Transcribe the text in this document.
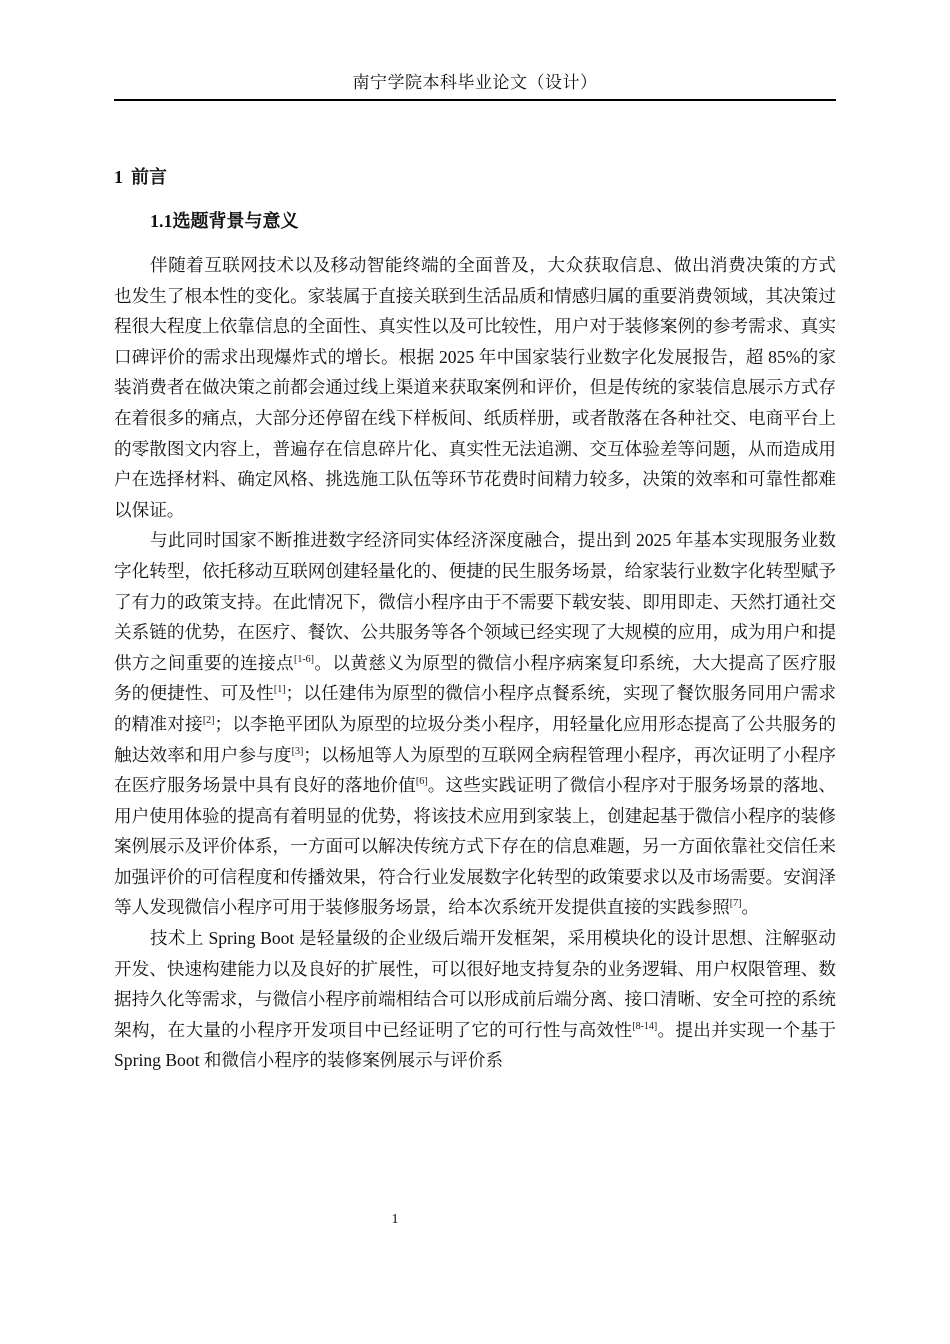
南宁学院本科毕业论文（设计）
1 前言
1.1选题背景与意义

伴随着互联网技术以及移动智能终端的全面普及，大众获取信息、做出消费决策的方式也发生了根本性的变化。家装属于直接关联到生活品质和情感归属的重要消费领域，其决策过程很大程度上依靠信息的全面性、真实性以及可比较性，用户对于装修案例的参考需求、真实口碑评价的需求出现爆炸式的增长。根据 2025 年中国家装行业数字化发展报告，超 85%的家装消费者在做决策之前都会通过线上渠道来获取案例和评价，但是传统的家装信息展示方式存在着很多的痛点，大部分还停留在线下样板间、纸质样册，或者散落在各种社交、电商平台上的零散图文内容上，普遍存在信息碎片化、真实性无法追溯、交互体验差等问题，从而造成用户在选择材料、确定风格、挑选施工队伍等环节花费时间精力较多，决策的效率和可靠性都难以保证。

与此同时国家不断推进数字经济同实体经济深度融合，提出到 2025 年基本实现服务业数字化转型，依托移动互联网创建轻量化的、便捷的民生服务场景，给家装行业数字化转型赋予了有力的政策支持。在此情况下，微信小程序由于不需要下载安装、即用即走、天然打通社交关系链的优势，在医疗、餐饮、公共服务等各个领域已经实现了大规模的应用，成为用户和提供方之间重要的连接点[1-6]。以黄慈义为原型的微信小程序病案复印系统，大大提高了医疗服务的便捷性、可及性[1]；以任建伟为原型的微信小程序点餐系统，实现了餐饮服务同用户需求的精准对接[2]；以李艳平团队为原型的垃圾分类小程序，用轻量化应用形态提高了公共服务的触达效率和用户参与度[3]；以杨旭等人为原型的互联网全病程管理小程序，再次证明了小程序在医疗服务场景中具有良好的落地价值[6]。这些实践证明了微信小程序对于服务场景的落地、用户使用体验的提高有着明显的优势，将该技术应用到家装上，创建起基于微信小程序的装修案例展示及评价体系，一方面可以解决传统方式下存在的信息难题，另一方面依靠社交信任来加强评价的可信程度和传播效果，符合行业发展数字化转型的政策要求以及市场需要。安润泽等人发现微信小程序可用于装修服务场景，给本次系统开发提供直接的实践参照[7]。

技术上 Spring Boot 是轻量级的企业级后端开发框架，采用模块化的设计思想、注解驱动开发、快速构建能力以及良好的扩展性，可以很好地支持复杂的业务逻辑、用户权限管理、数据持久化等需求，与微信小程序前端相结合可以形成前后端分离、接口清晰、安全可控的系统架构，在大量的小程序开发项目中已经证明了它的可行性与高效性[8-14]。提出并实现一个基于 Spring Boot 和微信小程序的装修案例展示与评价系

1
